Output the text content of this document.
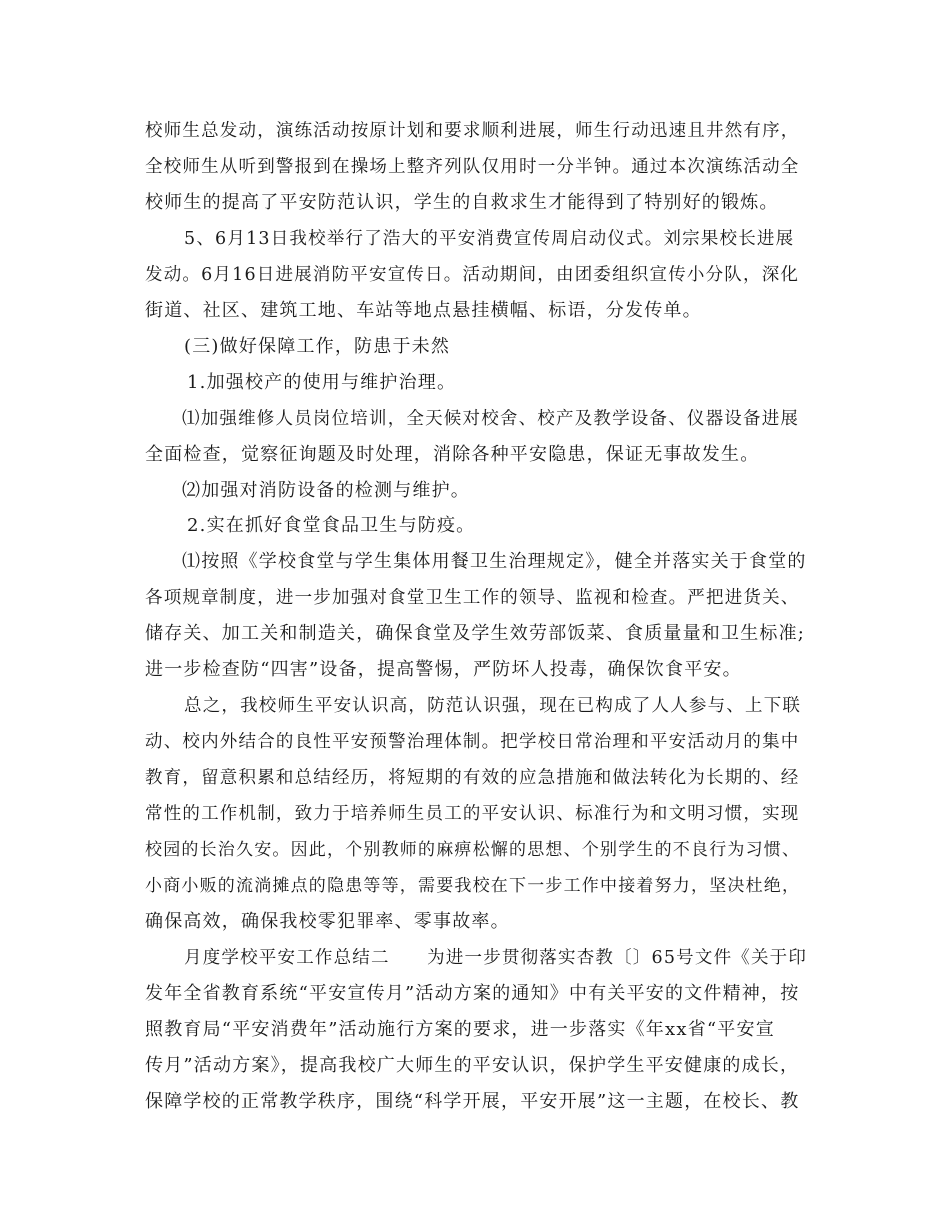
校师生总发动，演练活动按原计划和要求顺利进展，师生行动迅速且井然有序，
全校师生从听到警报到在操场上整齐列队仅用时一分半钟。通过本次演练活动全
校师生的提高了平安防范认识，学生的自救求生才能得到了特别好的锻炼。
5、6月13日我校举行了浩大的平安消费宣传周启动仪式。刘宗果校长进展
发动。6月16日进展消防平安宣传日。活动期间，由团委组织宣传小分队，深化
街道、社区、建筑工地、车站等地点悬挂横幅、标语，分发传单。
(三)做好保障工作，防患于未然
1.加强校产的使用与维护治理。
⑴加强维修人员岗位培训，全天候对校舍、校产及教学设备、仪器设备进展
全面检查，觉察征询题及时处理，消除各种平安隐患，保证无事故发生。
⑵加强对消防设备的检测与维护。
2.实在抓好食堂食品卫生与防疫。
⑴按照《学校食堂与学生集体用餐卫生治理规定》，健全并落实关于食堂的
各项规章制度，进一步加强对食堂卫生工作的领导、监视和检查。严把进货关、
储存关、加工关和制造关，确保食堂及学生效劳部饭菜、食质量量和卫生标准;
进一步检查防“四害”设备，提高警惕，严防坏人投毒，确保饮食平安。
总之，我校师生平安认识高，防范认识强，现在已构成了人人参与、上下联
动、校内外结合的良性平安预警治理体制。把学校日常治理和平安活动月的集中
教育，留意积累和总结经历，将短期的有效的应急措施和做法转化为长期的、经
常性的工作机制，致力于培养师生员工的平安认识、标准行为和文明习惯，实现
校园的长治久安。因此，个别教师的麻痹松懈的思想、个别学生的不良行为习惯、
小商小贩的流淌摊点的隐患等等，需要我校在下一步工作中接着努力，坚决杜绝，
确保高效，确保我校零犯罪率、零事故率。
月度学校平安工作总结二　　为进一步贯彻落实杏教〔〕65号文件《关于印
发年全省教育系统“平安宣传月”活动方案的通知》中有关平安的文件精神，按
照教育局“平安消费年”活动施行方案的要求，进一步落实《年xx省“平安宣
传月”活动方案》，提高我校广大师生的平安认识，保护学生平安健康的成长，
保障学校的正常教学秩序，围绕“科学开展，平安开展”这一主题，在校长、教
